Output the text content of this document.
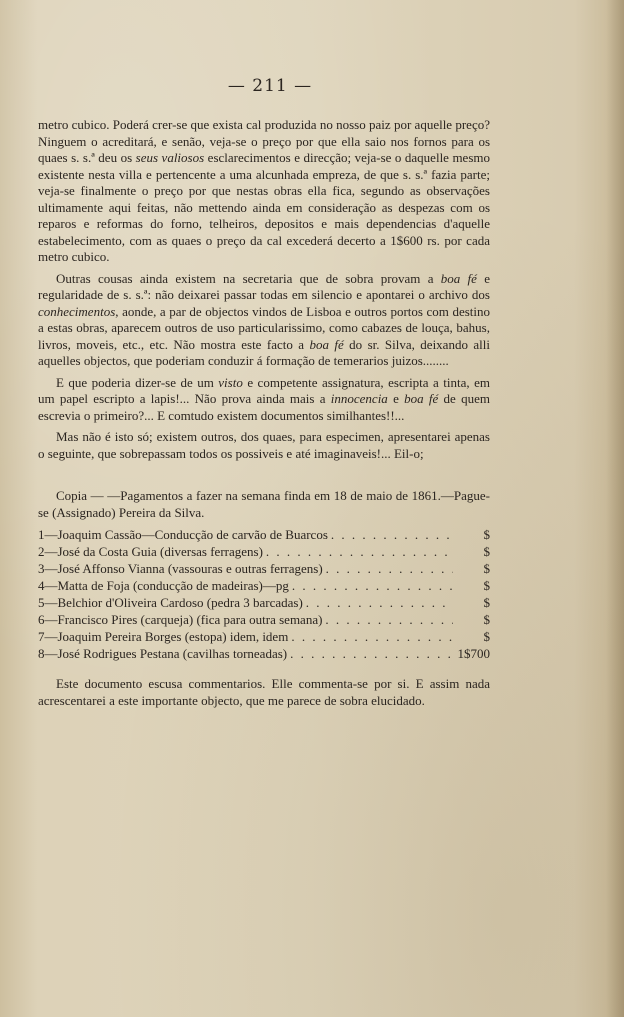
— 211 —

metro cubico. Poderá crer-se que exista cal produzida no nosso paiz por aquelle preço? Ninguem o acreditará, e senão, veja-se o preço por que ella saio nos fornos para os quaes s. s.ª deu os seus valiosos esclarecimentos e direcção; veja-se o daquelle mesmo existente nesta villa e pertencente a uma alcunhada empreza, de que s. s.ª fazia parte; veja-se finalmente o preço por que nestas obras ella fica, segundo as observações ultimamente aqui feitas, não mettendo ainda em consideração as despezas com os reparos e reformas do forno, telheiros, depositos e mais dependencias d'aquelle estabelecimento, com as quaes o preço da cal excederá decerto a 1$600 rs. por cada metro cubico.

Outras cousas ainda existem na secretaria que de sobra provam a boa fé e regularidade de s. s.ª: não deixarei passar todas em silencio e apontarei o archivo dos conhecimentos, aonde, a par de objectos vindos de Lisboa e outros portos com destino a estas obras, aparecem outros de uso particularissimo, como cabazes de louça, bahus, livros, moveis, etc., etc. Não mostra este facto a boa fé do sr. Silva, deixando alli aquelles objectos, que poderiam conduzir á formação de temerarios juizos........

E que poderia dizer-se de um visto e competente assignatura, escripta a tinta, em um papel escripto a lapis!... Não prova ainda mais a innocencia e boa fé de quem escrevia o primeiro?... E comtudo existem documentos similhantes!!...

Mas não é isto só; existem outros, dos quaes, para especimen, apresentarei apenas o seguinte, que sobrepassam todos os possiveis e até imaginaveis!... Eil-o;

Copia — —Pagamentos a fazer na semana finda em 18 de maio de 1861.—Pague-se (Assignado) Pereira da Silva.

1— Joaquim Cassão—Conducção de carvão de Buarcos . . .	$
2— José da Costa Guia (diversas ferragens) . . .	$
3— José Affonso Vianna (vassouras e outras ferragens) . . .	$
4— Matta de Foja (conducção de madeiras)—pg . . .	$
5— Belchior d'Oliveira Cardoso (pedra 3 barcadas) . . .	$
6— Francisco Pires (carqueja) (fica para outra semana) . . .	$
7— Joaquim Pereira Borges (estopa) idem, idem . . .	$
8— José Rodrigues Pestana (cavilhas torneadas) . . .	1$700

Este documento escusa commentarios. Elle commenta-se por si. E assim nada acrescentarei a este importante objecto, que me parece de sobra elucidado.
